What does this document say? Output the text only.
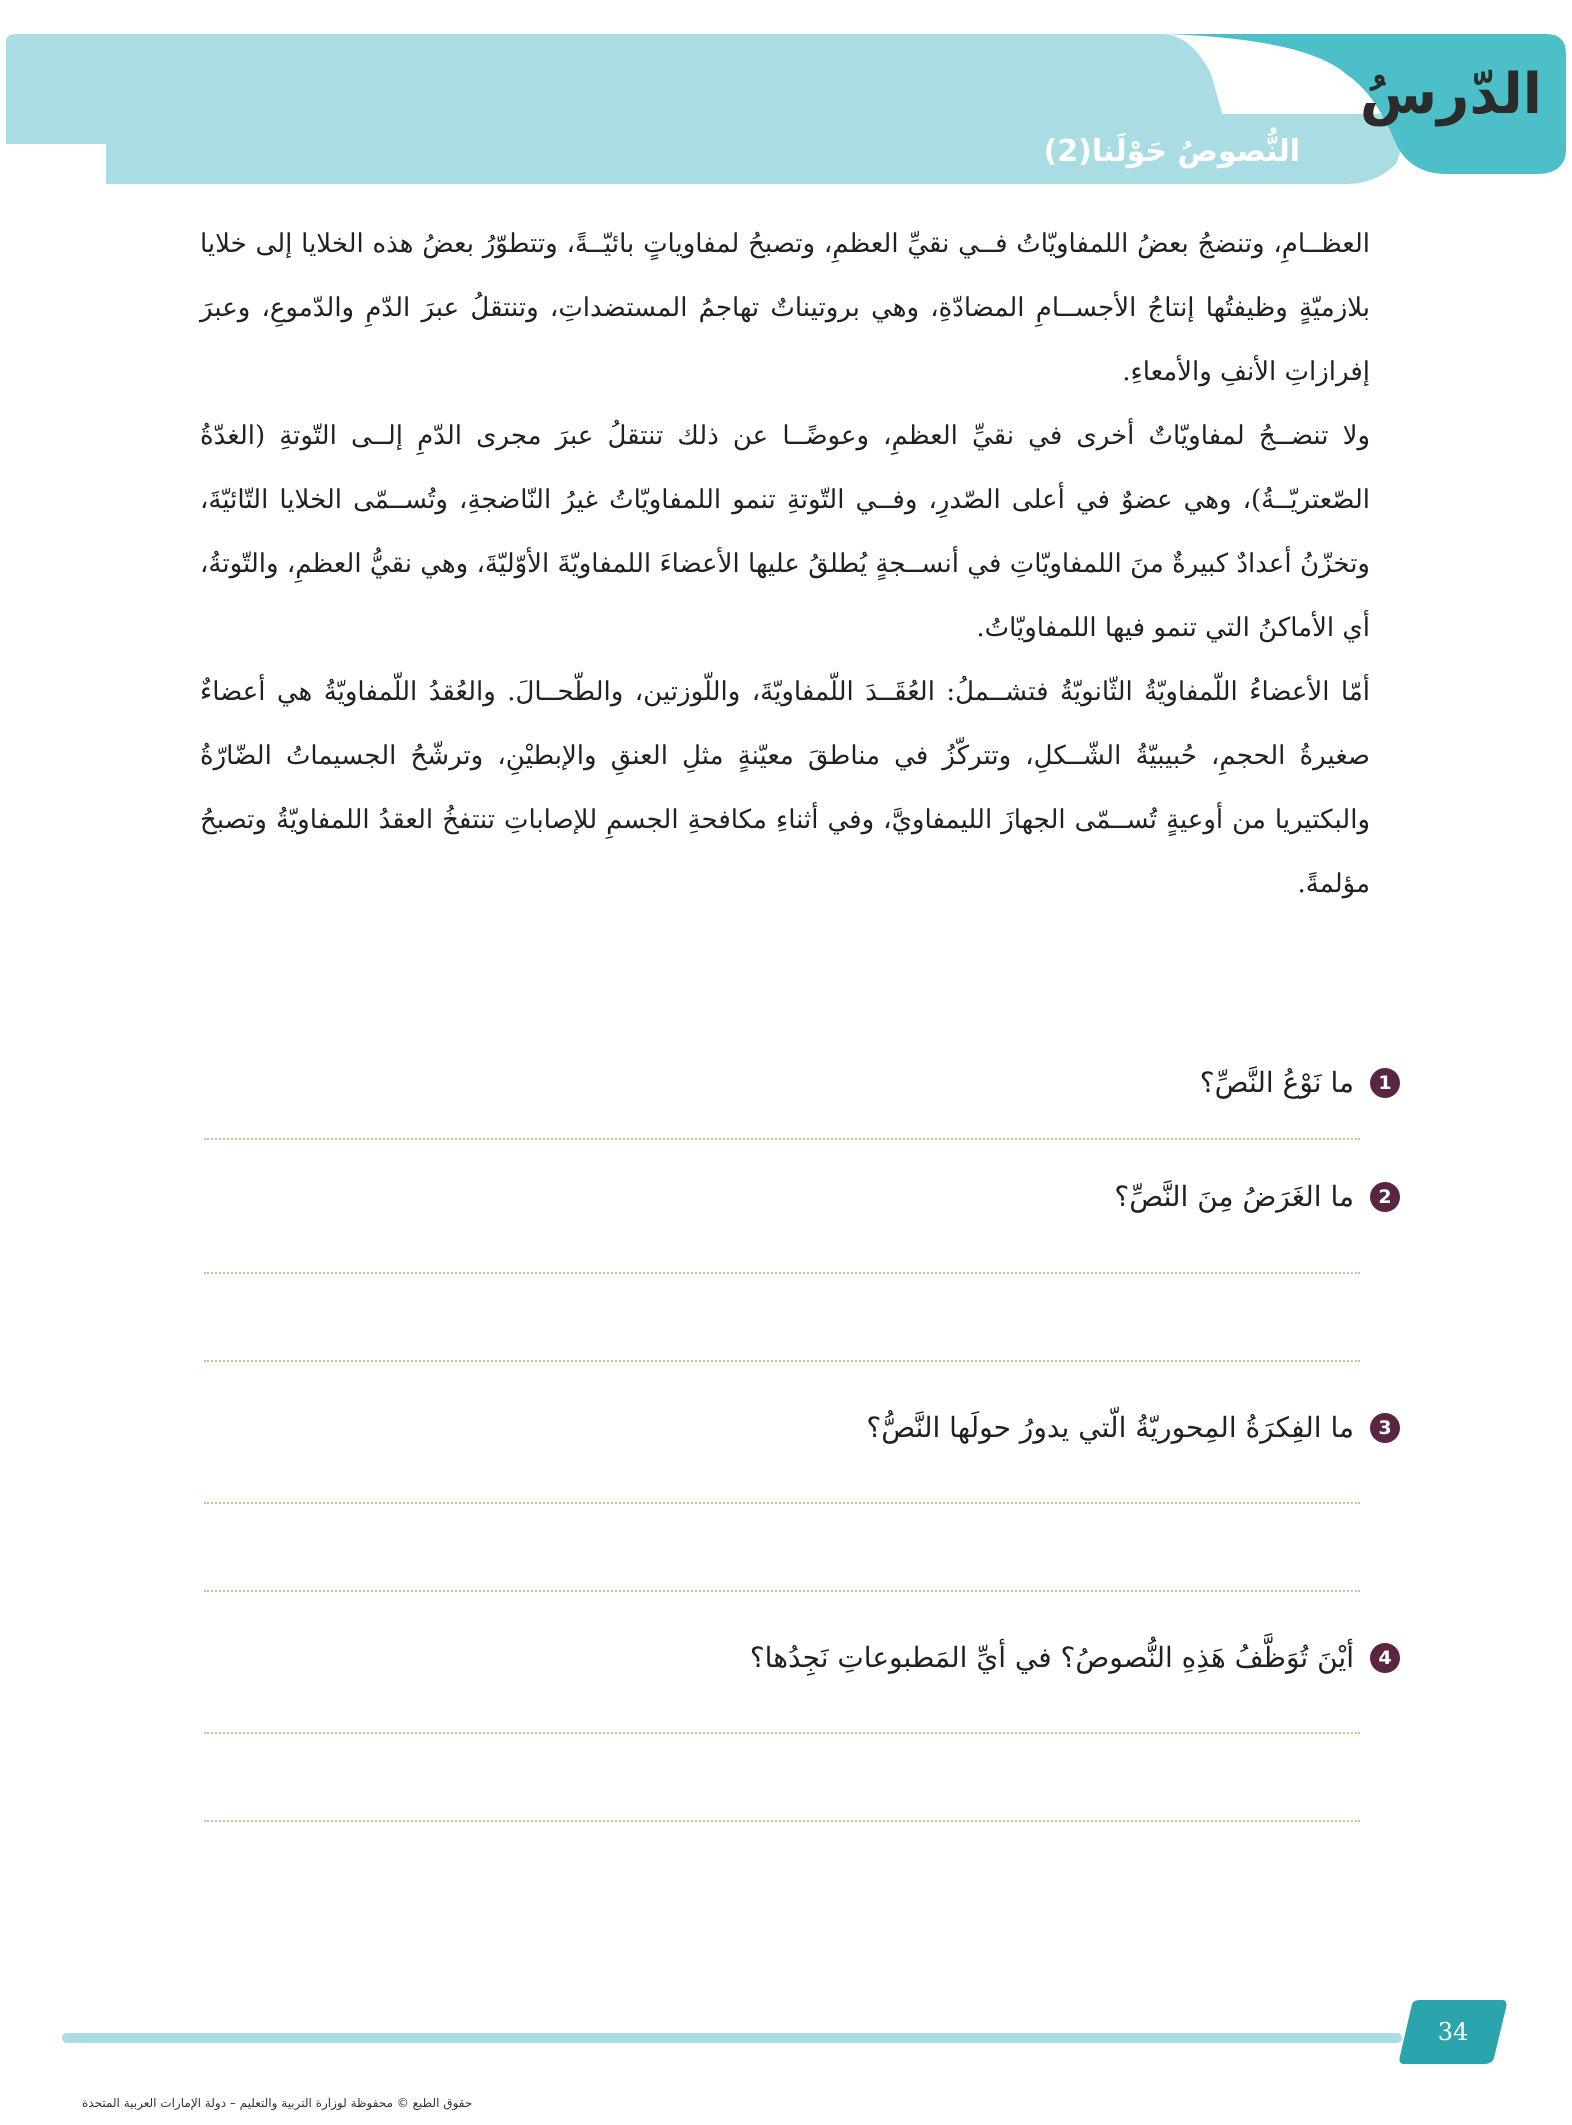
الدّرسُ
النُّصوصُ حَوْلَنا(2)

العظــامِ، وتنضجُ بعضُ اللمفاويّاتُ فــي نقيِّ العظمِ، وتصبحُ لمفاوياتٍ بائيّــةً، وتتطوّرُ بعضُ هذه الخلايا إلى خلايا بلازميّةٍ وظيفتُها إنتاجُ الأجســامِ المضادّةِ، وهي بروتيناتٌ تهاجمُ المستضداتِ، وتنتقلُ عبرَ الدّمِ والدّموعِ، وعبرَ إفرازاتِ الأنفِ والأمعاءِ.

ولا تنضــجُ لمفاويّاتٌ أخرى في نقيِّ العظمِ، وعوضًــا عن ذلك تنتقلُ عبرَ مجرى الدّمِ إلــى التّوتةِ (الغدّةُ الصّعتريّــةُ)، وهي عضوٌ في أعلى الصّدرِ، وفــي التّوتةِ تنمو اللمفاويّاتُ غيرُ النّاضجةِ، وتُســمّى الخلايا التّائيّةَ، وتخزّنُ أعدادٌ كبيرةٌ منَ اللمفاويّاتِ في أنســجةٍ يُطلقُ عليها الأعضاءَ اللمفاويّةَ الأوّليّةَ، وهي نقيُّ العظمِ، والتّوتةُ، أي الأماكنُ التي تنمو فيها اللمفاويّاتُ.

أمّا الأعضاءُ اللّمفاويّةُ الثّانويّةُ فتشــملُ: العُقَــدَ اللّمفاويّةَ، واللّوزتين، والطّحــالَ. والعُقدُ اللّمفاويّةُ هي أعضاءٌ صغيرةُ الحجمِ، حُبيبيّةُ الشّــكلِ، وتتركّزُ في مناطقَ معيّنةٍ مثلِ العنقِ والإبطيْنِ، وترشّحُ الجسيماتُ الضّارّةُ والبكتيريا من أوعيةٍ تُســمّى الجهازَ الليمفاويَّ، وفي أثناءِ مكافحةِ الجسمِ للإصاباتِ تنتفخُ العقدُ اللمفاويّةُ وتصبحُ مؤلمةً.

1
ما نَوْعُ النَّصِّ؟
2
ما الغَرَضُ مِنَ النَّصِّ؟
3
ما الفِكرَةُ المِحوريّةُ الّتي يدورُ حولَها النَّصُّ؟
4
أيْنَ تُوَظَّفُ هَذِهِ النُّصوصُ؟ في أيِّ المَطبوعاتِ نَجِدُها؟
34
حقوق الطبع © محفوظة لوزارة التربية والتعليم – دولة الإمارات العربية المتحدة
